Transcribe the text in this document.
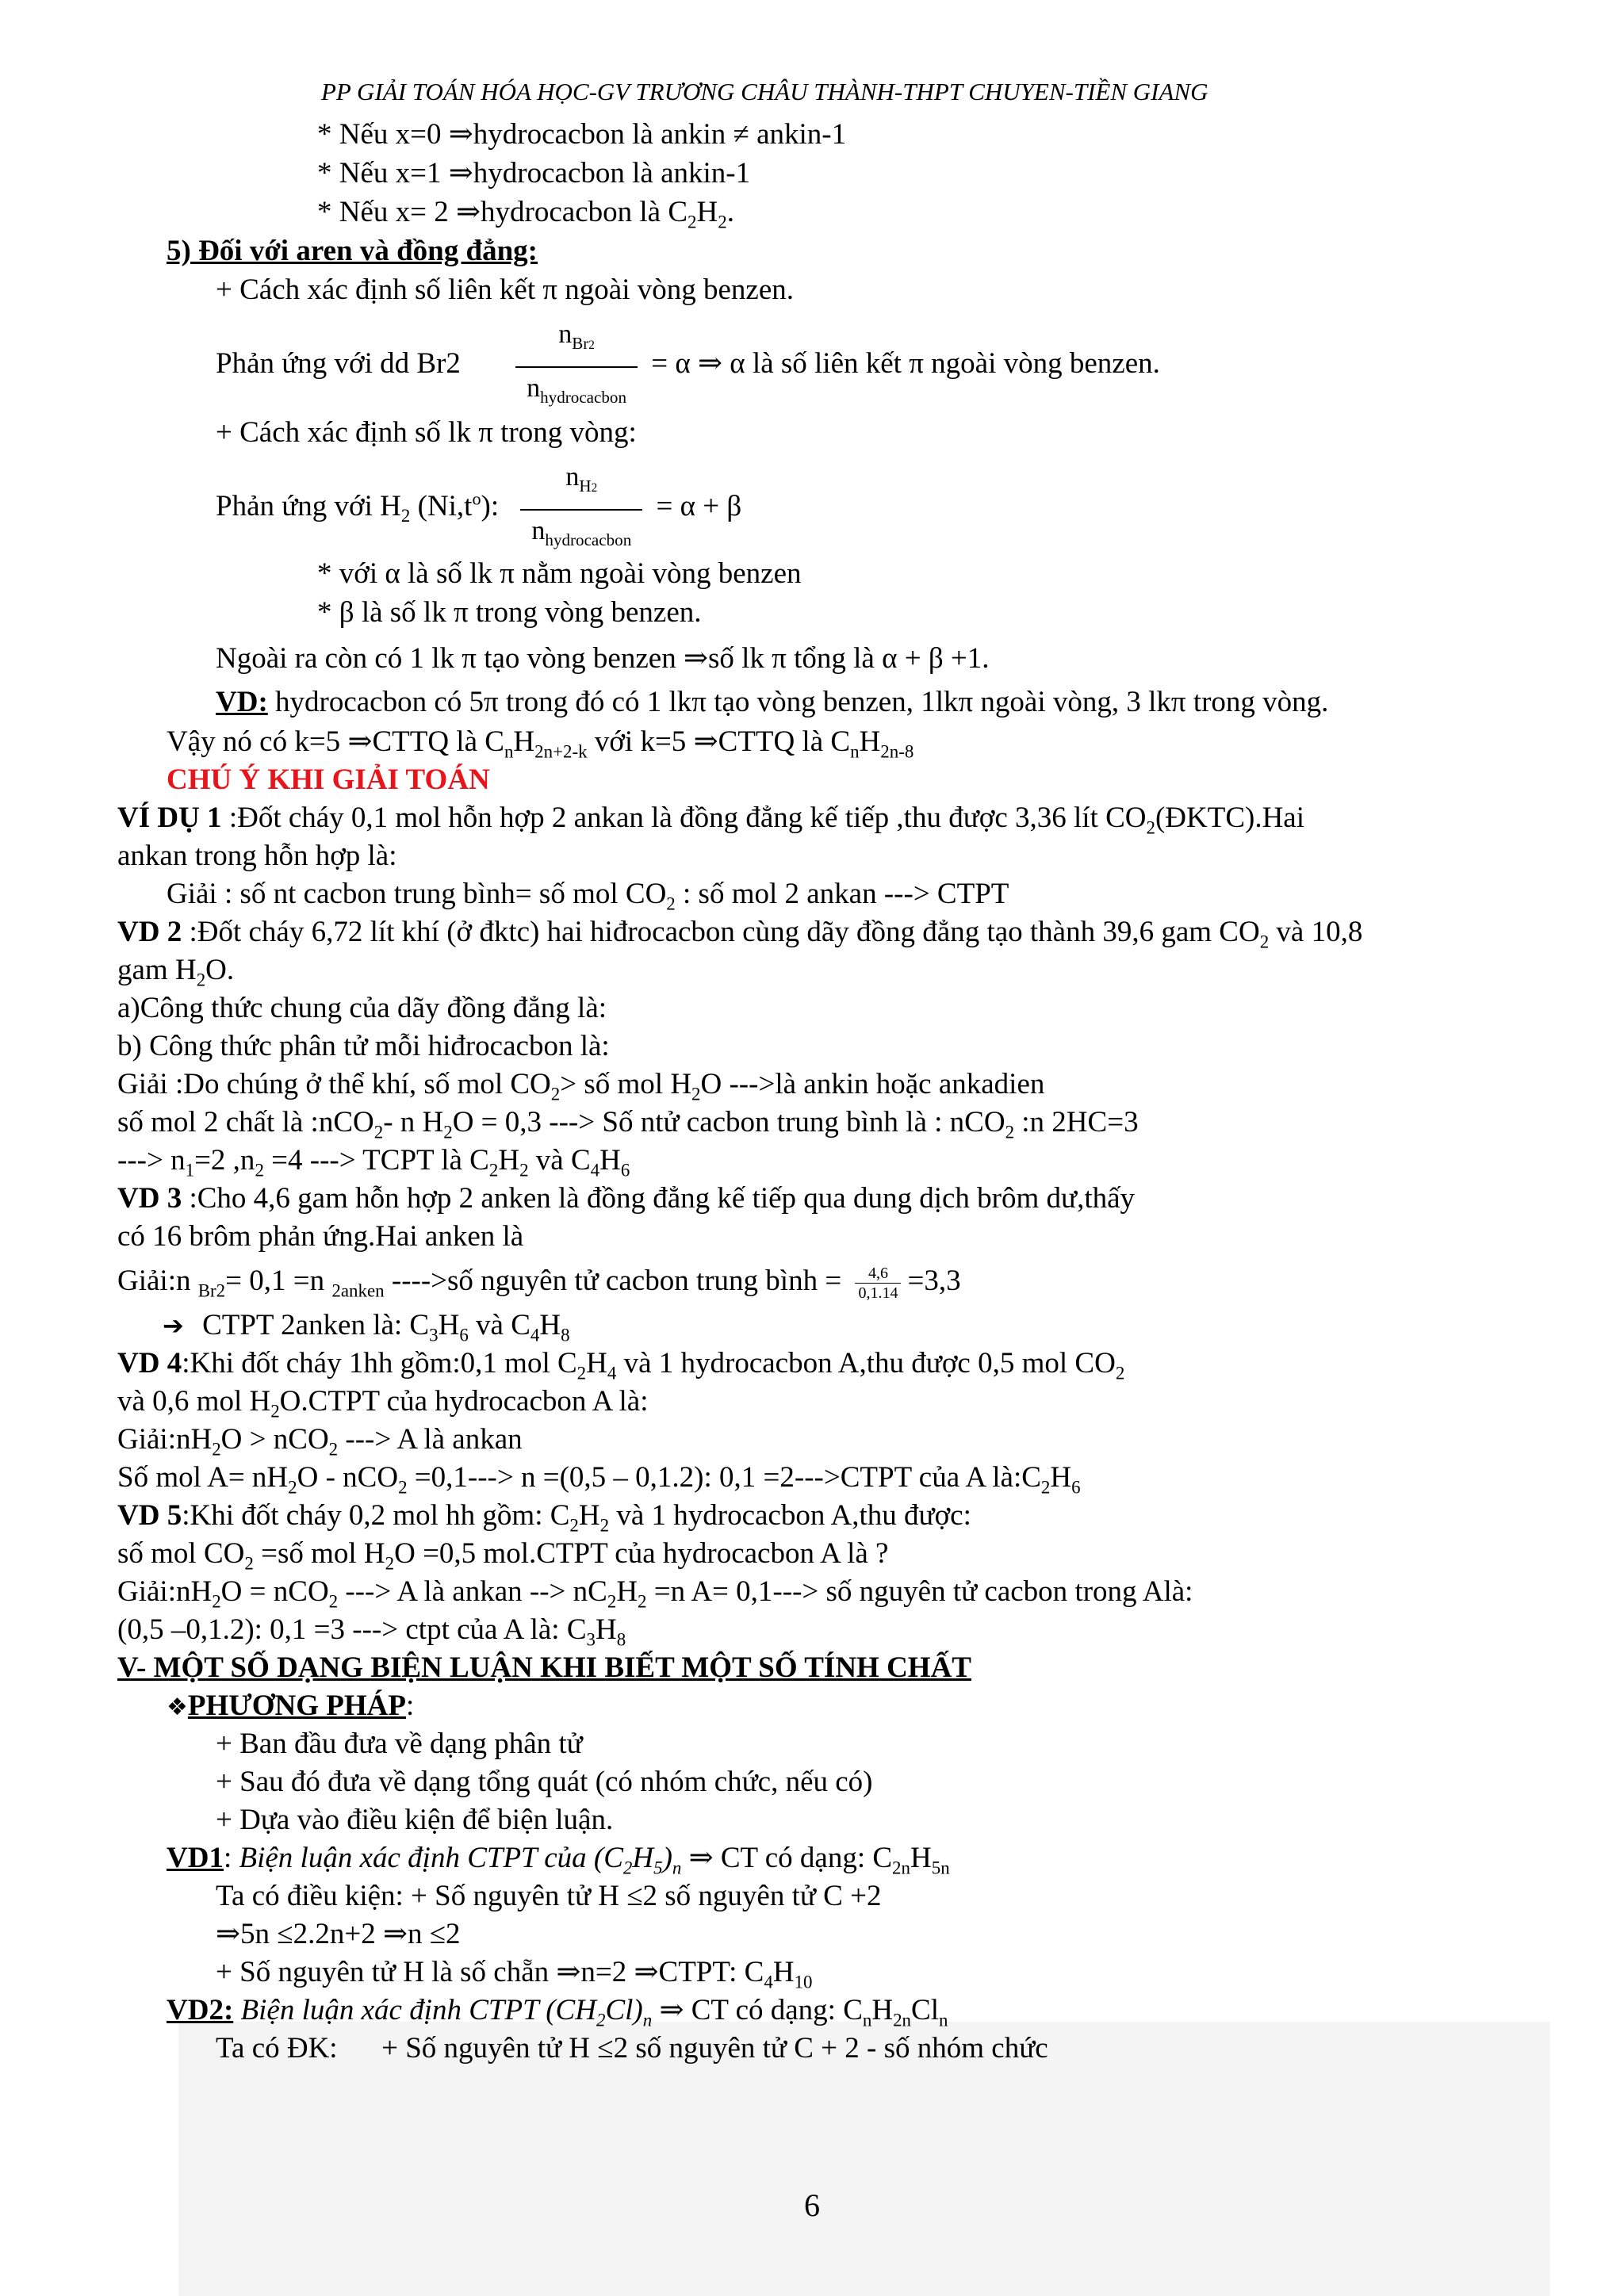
PP GIẢI TOÁN HÓA HỌC-GV TRƯƠNG CHÂU THÀNH-THPT CHUYEN-TIỀN GIANG
* Nếu x=0 ⇒hydrocacbon là ankin ≠ ankin-1
* Nếu x=1 ⇒hydrocacbon là ankin-1
* Nếu x= 2 ⇒hydrocacbon là $C_2H_2$.
5) Đối với aren và đồng đẳng:
+ Cách xác định số liên kết π ngoài vòng benzen.
Phản ứng với dd $Br2 \frac{n_{Br2}}{n_{hydrocacbon}} = \alpha$ ⇒ α là số liên kết π ngoài vòng benzen.
+ Cách xác định số lk π trong vòng:
Phản ứng với $H_2$ $(Ni,t^o)$: $\frac{n_{H2}}{n_{hydrocacbon}} = \alpha + \beta$
* với α là số lk π nằm ngoài vòng benzen
* β là số lk π trong vòng benzen.
Ngoài ra còn có 1 lk π tạo vòng benzen ⇒số lk π tổng là α + β +1.
VD: hydrocacbon có 5π trong đó có 1 lkπ tạo vòng benzen, 1lkπ ngoài vòng, 3 lkπ trong vòng.
Vậy nó có k=5 ⇒CTTQ là $C_nH_{2n+2-k}$ với k=5 ⇒CTTQ là $C_nH_{2n-8}$
CHÚ Ý KHI GIẢI TOÁN
VÍ DỤ 1 :Đốt cháy 0,1 mol hỗn hợp 2 ankan là đồng đẳng kế tiếp ,thu được 3,36 lít $CO_2(ĐKTC).Hai$
ankan trong hỗn hợp là:
Giải : số nt cacbon trung bình= số mol $CO_2$ : số mol 2 ankan ---> CTPT
VD 2 :Đốt cháy 6,72 lít khí (ở đktc) hai hiđrocacbon cùng dãy đồng đẳng tạo thành 39,6 gam $CO_2$ và 10,8
gam $H_2O$.
a)Công thức chung của dãy đồng đẳng là:
b) Công thức phân tử mỗi hiđrocacbon là:
Giải :Do chúng ở thể khí, số mol $CO_2>$ số mol $H_2O$ --->là ankin hoặc ankadien
số mol 2 chất là :nCO$_2$- n $H_2O = 0,3$ ---> Số ntử cacbon trung bình là : nCO$_2$ :n 2HC=3
---> $n_1=2$ $,n_2 =4$ ---> TCPT là $C_2H_2$ và $C_4H_6$
VD 3 :Cho 4,6 gam hỗn hợp 2 anken là đồng đẳng kế tiếp qua dung dịch brôm dư,thấy
có 16 brôm phản ứng.Hai anken là
Giải:n $_{Br2}$= 0,1 =n $_{2anken}$ ---->số nguyên tử cacbon trung bình = $\frac{4,6}{0,1.14} =3,3$
➔ CTPT 2anken là: $C_3H_6$ và $C_4H_8$
VD 4:Khi đốt cháy 1hh gồm:0,1 mol $C_2H_4$ và 1 hydrocacbon A,thu được 0,5 mol $CO_2$
và 0,6 mol $H_2O.CTPT$ của hydrocacbon A là:
$Giải:nH_2O > nCO_2$ ---> A là ankan
Số mol $A= nH_2O - nCO_2 =0,1---> n =(0,5 - 0,1.2)$: 0,1 =2--->CTPT của A $là:C_2H_6$
VD 5:Khi đốt cháy 0,2 mol hh gồm: $C_2H_2$ và 1 hydrocacbon A,thu được:
số mol $CO_2$ =số mol $H_2O =0,5$ mol.CTPT của hydrocacbon A là ?
$Giải:nH_2O = nCO_2$ ---> A là ankan --> $nC_2H_2 =n$ A= 0,1---> số nguyên tử cacbon trong Alà:
(0,5 –0,1.2): 0,1 =3 ---> ctpt của A là: $C_3H_8$
V- MỘT SỐ DẠNG BIỆN LUẬN KHI BIẾT MỘT SỐ TÍNH CHẤT
❖PHƯƠNG PHÁP:
+ Ban đầu đưa về dạng phân tử
+ Sau đó đưa về dạng tổng quát (có nhóm chức, nếu có)
+ Dựa vào điều kiện để biện luận.
VD1: Biện luận xác định CTPT của $(C_2H_5)_n$ ⇒ CT có dạng: $C_{2n}H_{5n}$
Ta có điều kiện: + Số nguyên tử H ≤2 số nguyên tử C +2
⇒5n ≤2.2n+2 ⇒n ≤2
+ Số nguyên tử H là số chẵn ⇒n=2 ⇒CTPT: $C_4H_{10}$
VD2: Biện luận xác định CTPT $(CH_2Cl)_n$ ⇒ CT có dạng: $C_nH_{2n}Cl_n$
Ta có ĐK:      + Số nguyên tử H ≤2 số nguyên tử C + 2 - số nhóm chức
6
